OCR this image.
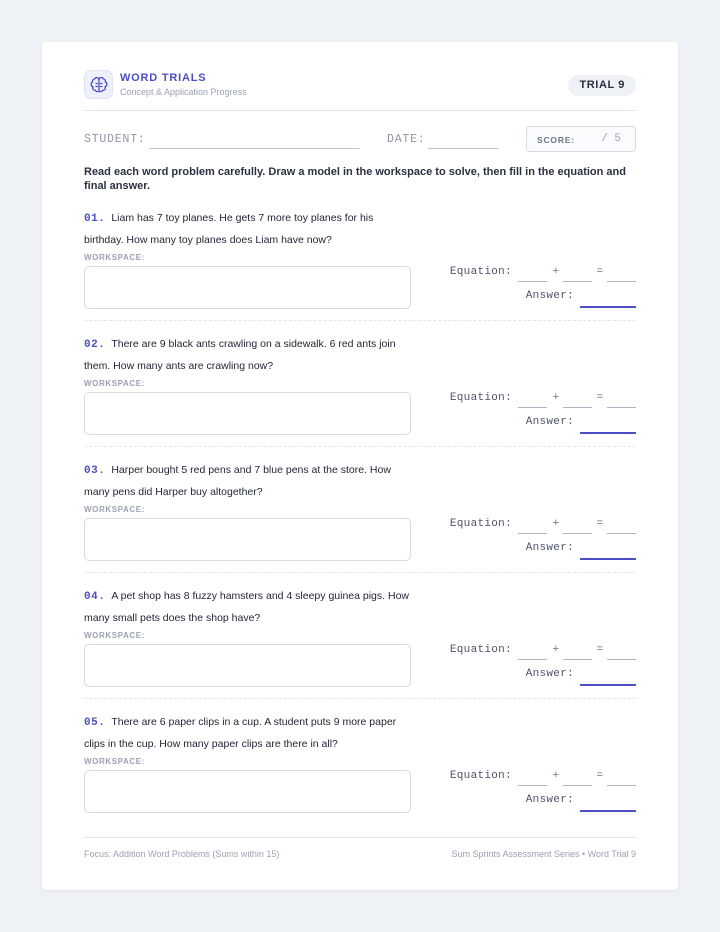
WORD TRIALS
Concept & Application Progress
TRIAL 9
STUDENT:	DATE:	SCORE: / 5
Read each word problem carefully. Draw a model in the workspace to solve, then fill in the equation and final answer.
01. Liam has 7 toy planes. He gets 7 more toy planes for his birthday. How many toy planes does Liam have now?
WORKSPACE:
Equation:	+	=
Answer:
02. There are 9 black ants crawling on a sidewalk. 6 red ants join them. How many ants are crawling now?
WORKSPACE:
Equation:	+	=
Answer:
03. Harper bought 5 red pens and 7 blue pens at the store. How many pens did Harper buy altogether?
WORKSPACE:
Equation:	+	=
Answer:
04. A pet shop has 8 fuzzy hamsters and 4 sleepy guinea pigs. How many small pets does the shop have?
WORKSPACE:
Equation:	+	=
Answer:
05. There are 6 paper clips in a cup. A student puts 9 more paper clips in the cup. How many paper clips are there in all?
WORKSPACE:
Equation:	+	=
Answer:
Focus: Addition Word Problems (Sums within 15)	Sum Sprints Assessment Series • Word Trial 9
